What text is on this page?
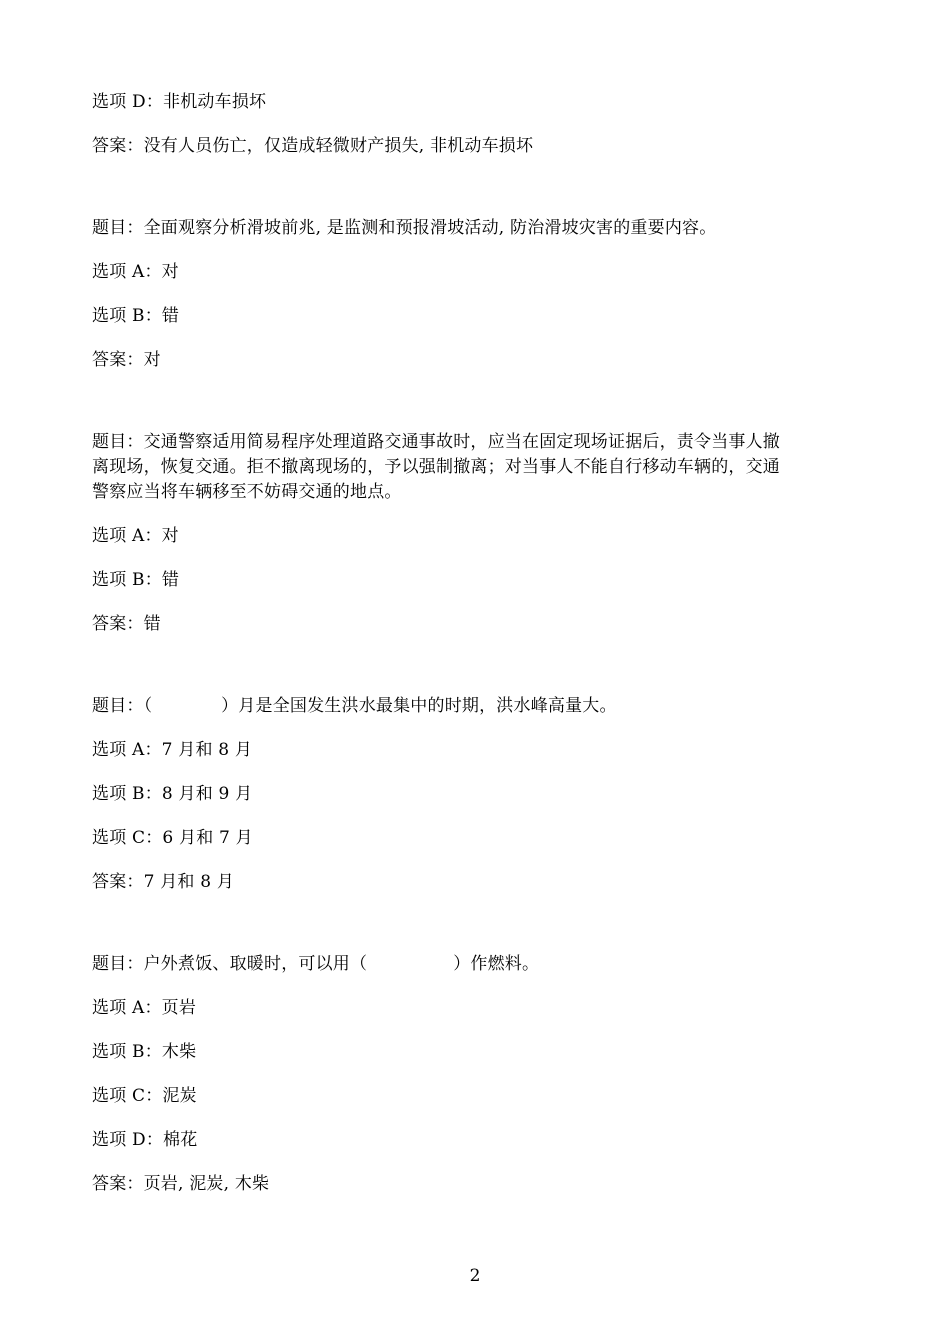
选项 D：非机动车损坏
答案：没有人员伤亡，仅造成轻微财产损失, 非机动车损坏
题目：全面观察分析滑坡前兆, 是监测和预报滑坡活动, 防治滑坡灾害的重要内容。
选项 A：对
选项 B：错
答案：对
题目：交通警察适用简易程序处理道路交通事故时，应当在固定现场证据后，责令当事人撤
离现场，恢复交通。拒不撤离现场的，予以强制撤离；对当事人不能自行移动车辆的，交通
警察应当将车辆移至不妨碍交通的地点。
选项 A：对
选项 B：错
答案：错
题目：（　　　　）月是全国发生洪水最集中的时期，洪水峰高量大。
选项 A：7 月和 8 月
选项 B：8 月和 9 月
选项 C：6 月和 7 月
答案：7 月和 8 月
题目：户外煮饭、取暖时，可以用（　　　　　）作燃料。
选项 A：页岩
选项 B：木柴
选项 C：泥炭
选项 D：棉花
答案：页岩, 泥炭, 木柴
2
